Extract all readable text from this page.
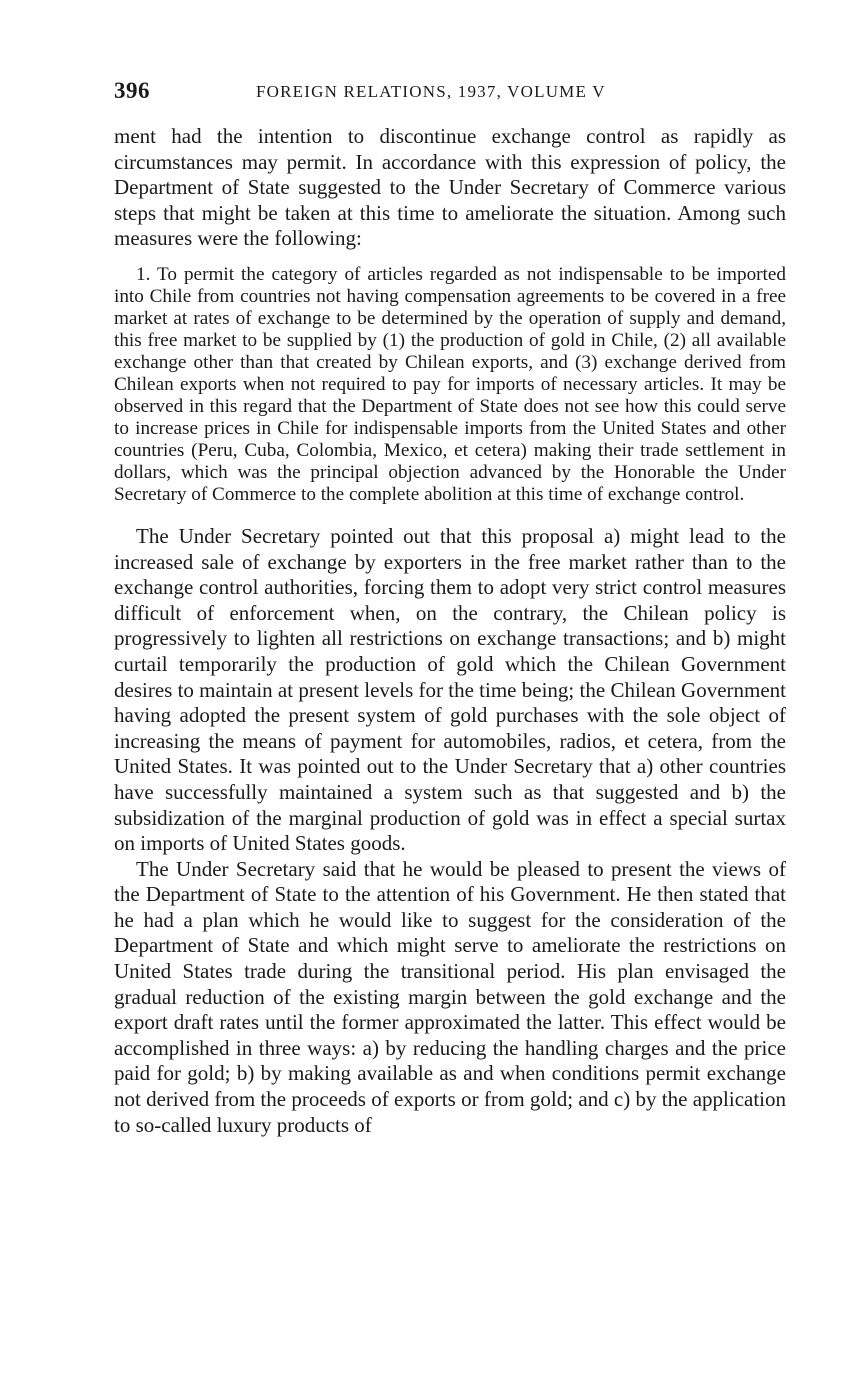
396	FOREIGN RELATIONS, 1937, VOLUME V

ment had the intention to discontinue exchange control as rapidly as circumstances may permit. In accordance with this expression of policy, the Department of State suggested to the Under Secretary of Commerce various steps that might be taken at this time to ameliorate the situation. Among such measures were the following:

1. To permit the category of articles regarded as not indispensable to be imported into Chile from countries not having compensation agreements to be covered in a free market at rates of exchange to be determined by the operation of supply and demand, this free market to be supplied by (1) the production of gold in Chile, (2) all available exchange other than that created by Chilean exports, and (3) exchange derived from Chilean exports when not required to pay for imports of necessary articles. It may be observed in this regard that the Department of State does not see how this could serve to increase prices in Chile for indispensable imports from the United States and other countries (Peru, Cuba, Colombia, Mexico, et cetera) making their trade settlement in dollars, which was the principal objection advanced by the Honorable the Under Secretary of Commerce to the complete abolition at this time of exchange control.

The Under Secretary pointed out that this proposal a) might lead to the increased sale of exchange by exporters in the free market rather than to the exchange control authorities, forcing them to adopt very strict control measures difficult of enforcement when, on the contrary, the Chilean policy is progressively to lighten all restrictions on exchange transactions; and b) might curtail temporarily the production of gold which the Chilean Government desires to maintain at present levels for the time being; the Chilean Government having adopted the present system of gold purchases with the sole object of increasing the means of payment for automobiles, radios, et cetera, from the United States. It was pointed out to the Under Secretary that a) other countries have successfully maintained a system such as that suggested and b) the subsidization of the marginal production of gold was in effect a special surtax on imports of United States goods.

The Under Secretary said that he would be pleased to present the views of the Department of State to the attention of his Government. He then stated that he had a plan which he would like to suggest for the consideration of the Department of State and which might serve to ameliorate the restrictions on United States trade during the transitional period. His plan envisaged the gradual reduction of the existing margin between the gold exchange and the export draft rates until the former approximated the latter. This effect would be accomplished in three ways: a) by reducing the handling charges and the price paid for gold; b) by making available as and when conditions permit exchange not derived from the proceeds of exports or from gold; and c) by the application to so-called luxury products of
